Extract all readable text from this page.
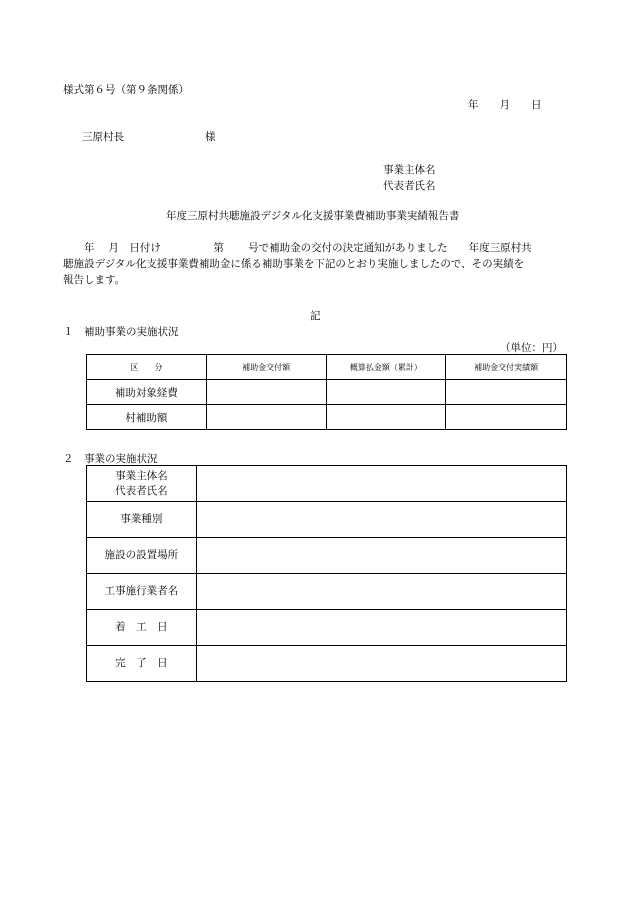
様式第６号（第９条関係）
年　　月　　日
三原村長	様
事業主体名
代表者氏名
年度三原村共聴施設デジタル化支援事業費補助事業実績報告書
　　年　 月　日付け　　　　　第　　 号で補助金の交付の決定通知がありました　　年度三原村共
聴施設デジタル化支援事業費補助金に係る補助事業を下記のとおり実施しましたので、その実績を
報告します。
記
１　補助事業の実施状況
（単位：円）
区　　分	補助金交付額	概算払金額（累計）	補助金交付実績額
補助対象経費			
村補助額			
２　事業の実施状況
事業主体名
代表者氏名	

事業種別	
施設の設置場所	
工事施行業者名	
着　工　日	
完　了　日	
